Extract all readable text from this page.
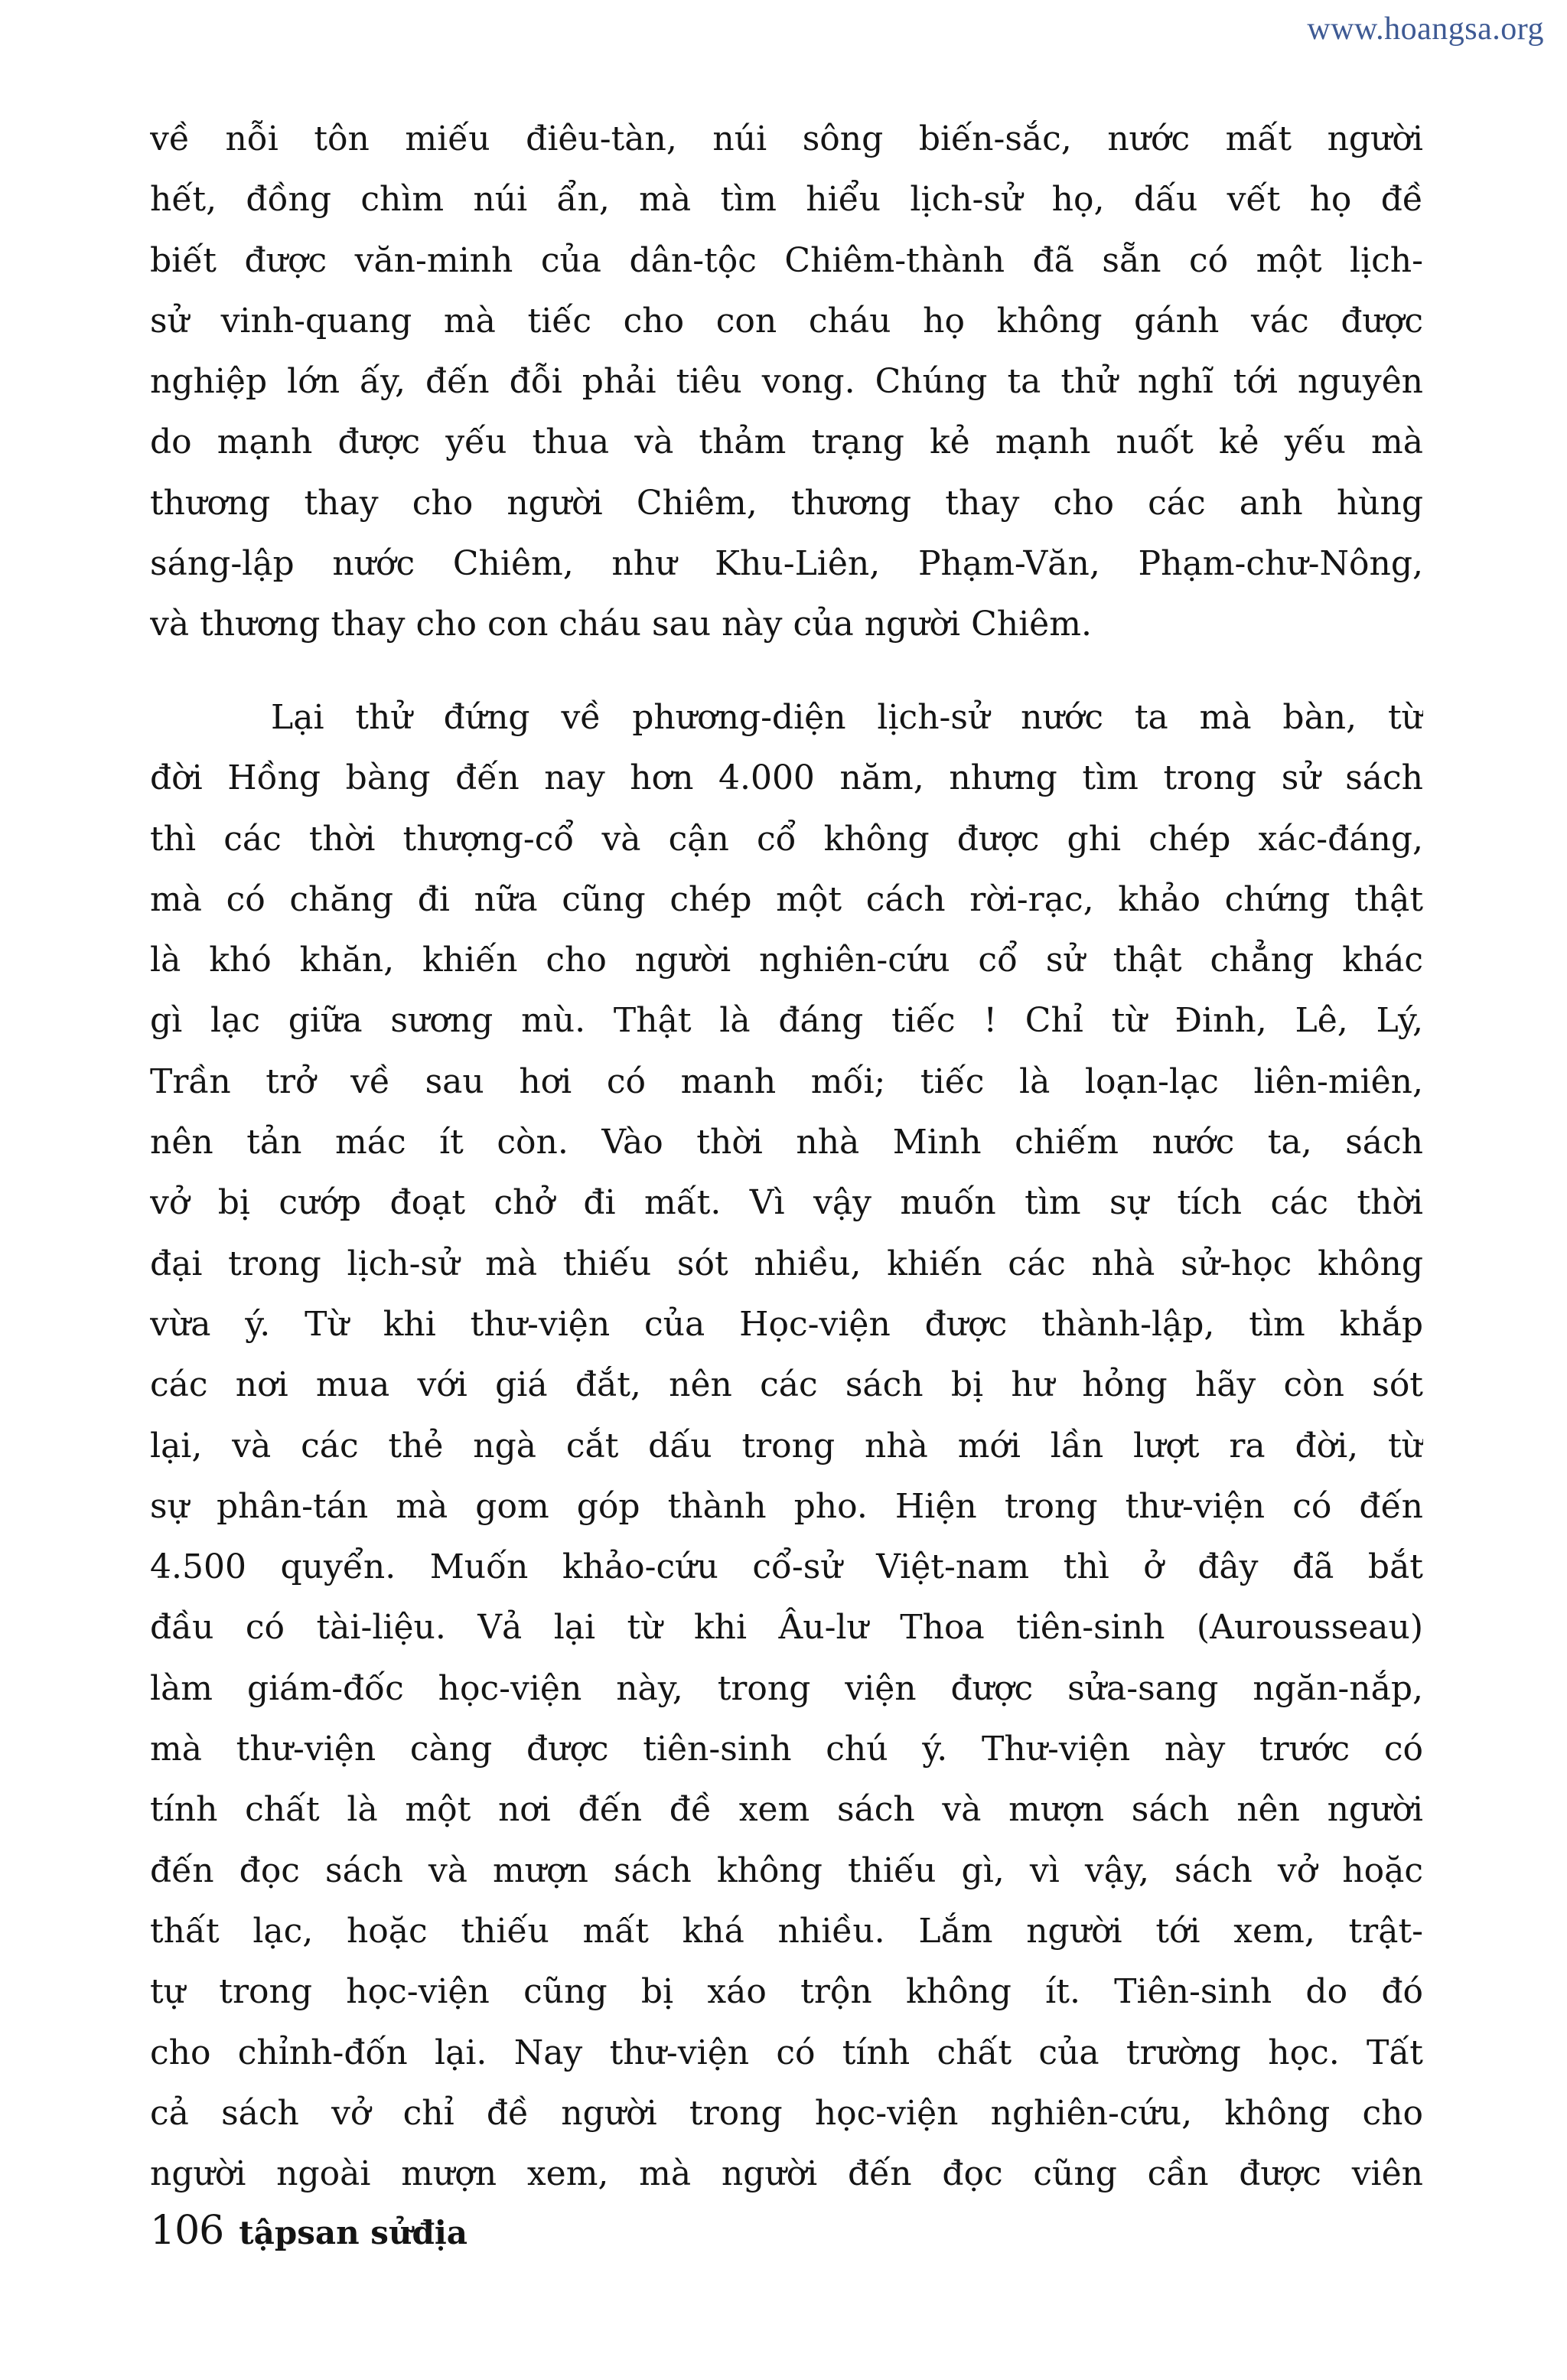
www.hoangsa.org
về nỗi tôn miếu điêu-tàn, núi sông biến-sắc, nước mất người
hết, đồng chìm núi ẩn, mà tìm hiểu lịch-sử họ, dấu vết họ đề
biết được văn-minh của dân-tộc Chiêm-thành đã sẵn có một lịch-
sử vinh-quang mà tiếc cho con cháu họ không gánh vác được
nghiệp lớn ấy, đến đỗi phải tiêu vong. Chúng ta thử nghĩ tới nguyên
do mạnh được yếu thua và thảm trạng kẻ mạnh nuốt kẻ yếu mà
thương thay cho người Chiêm, thương thay cho các anh hùng
sáng-lập nước Chiêm, như Khu-Liên, Phạm-Văn, Phạm-chư-Nông,
và thương thay cho con cháu sau này của người Chiêm.
Lại thử đứng về phương-diện lịch-sử nước ta mà bàn, từ
đời Hồng bàng đến nay hơn 4.000 năm, nhưng tìm trong sử sách
thì các thời thượng-cổ và cận cổ không được ghi chép xác-đáng,
mà có chăng đi nữa cũng chép một cách rời-rạc, khảo chứng thật
là khó khăn, khiến cho người nghiên-cứu cổ sử thật chẳng khác
gì lạc giữa sương mù. Thật là đáng tiếc ! Chỉ từ Đinh, Lê, Lý,
Trần trở về sau hơi có manh mối; tiếc là loạn-lạc liên-miên,
nên tản mác ít còn. Vào thời nhà Minh chiếm nước ta, sách
vở bị cướp đoạt chở đi mất. Vì vậy muốn tìm sự tích các thời
đại trong lịch-sử mà thiếu sót nhiều, khiến các nhà sử-học không
vừa ý. Từ khi thư-viện của Học-viện được thành-lập, tìm khắp
các nơi mua với giá đắt, nên các sách bị hư hỏng hãy còn sót
lại, và các thẻ ngà cắt dấu trong nhà mới lần lượt ra đời, từ
sự phân-tán mà gom góp thành pho. Hiện trong thư-viện có đến
4.500 quyển. Muốn khảo-cứu cổ-sử Việt-nam thì ở đây đã bắt
đầu có tài-liệu. Vả lại từ khi Âu-lư Thoa tiên-sinh (Aurousseau)
làm giám-đốc học-viện này, trong viện được sửa-sang ngăn-nắp,
mà thư-viện càng được tiên-sinh chú ý. Thư-viện này trước có
tính chất là một nơi đến đề xem sách và mượn sách nên người
đến đọc sách và mượn sách không thiếu gì, vì vậy, sách vở hoặc
thất lạc, hoặc thiếu mất khá nhiều. Lắm người tới xem, trật-
tự trong học-viện cũng bị xáo trộn không ít. Tiên-sinh do đó
cho chỉnh-đốn lại. Nay thư-viện có tính chất của trường học. Tất
cả sách vở chỉ đề người trong học-viện nghiên-cứu, không cho
người ngoài mượn xem, mà người đến đọc cũng cần được viên
106 tậpsan sửđịa
